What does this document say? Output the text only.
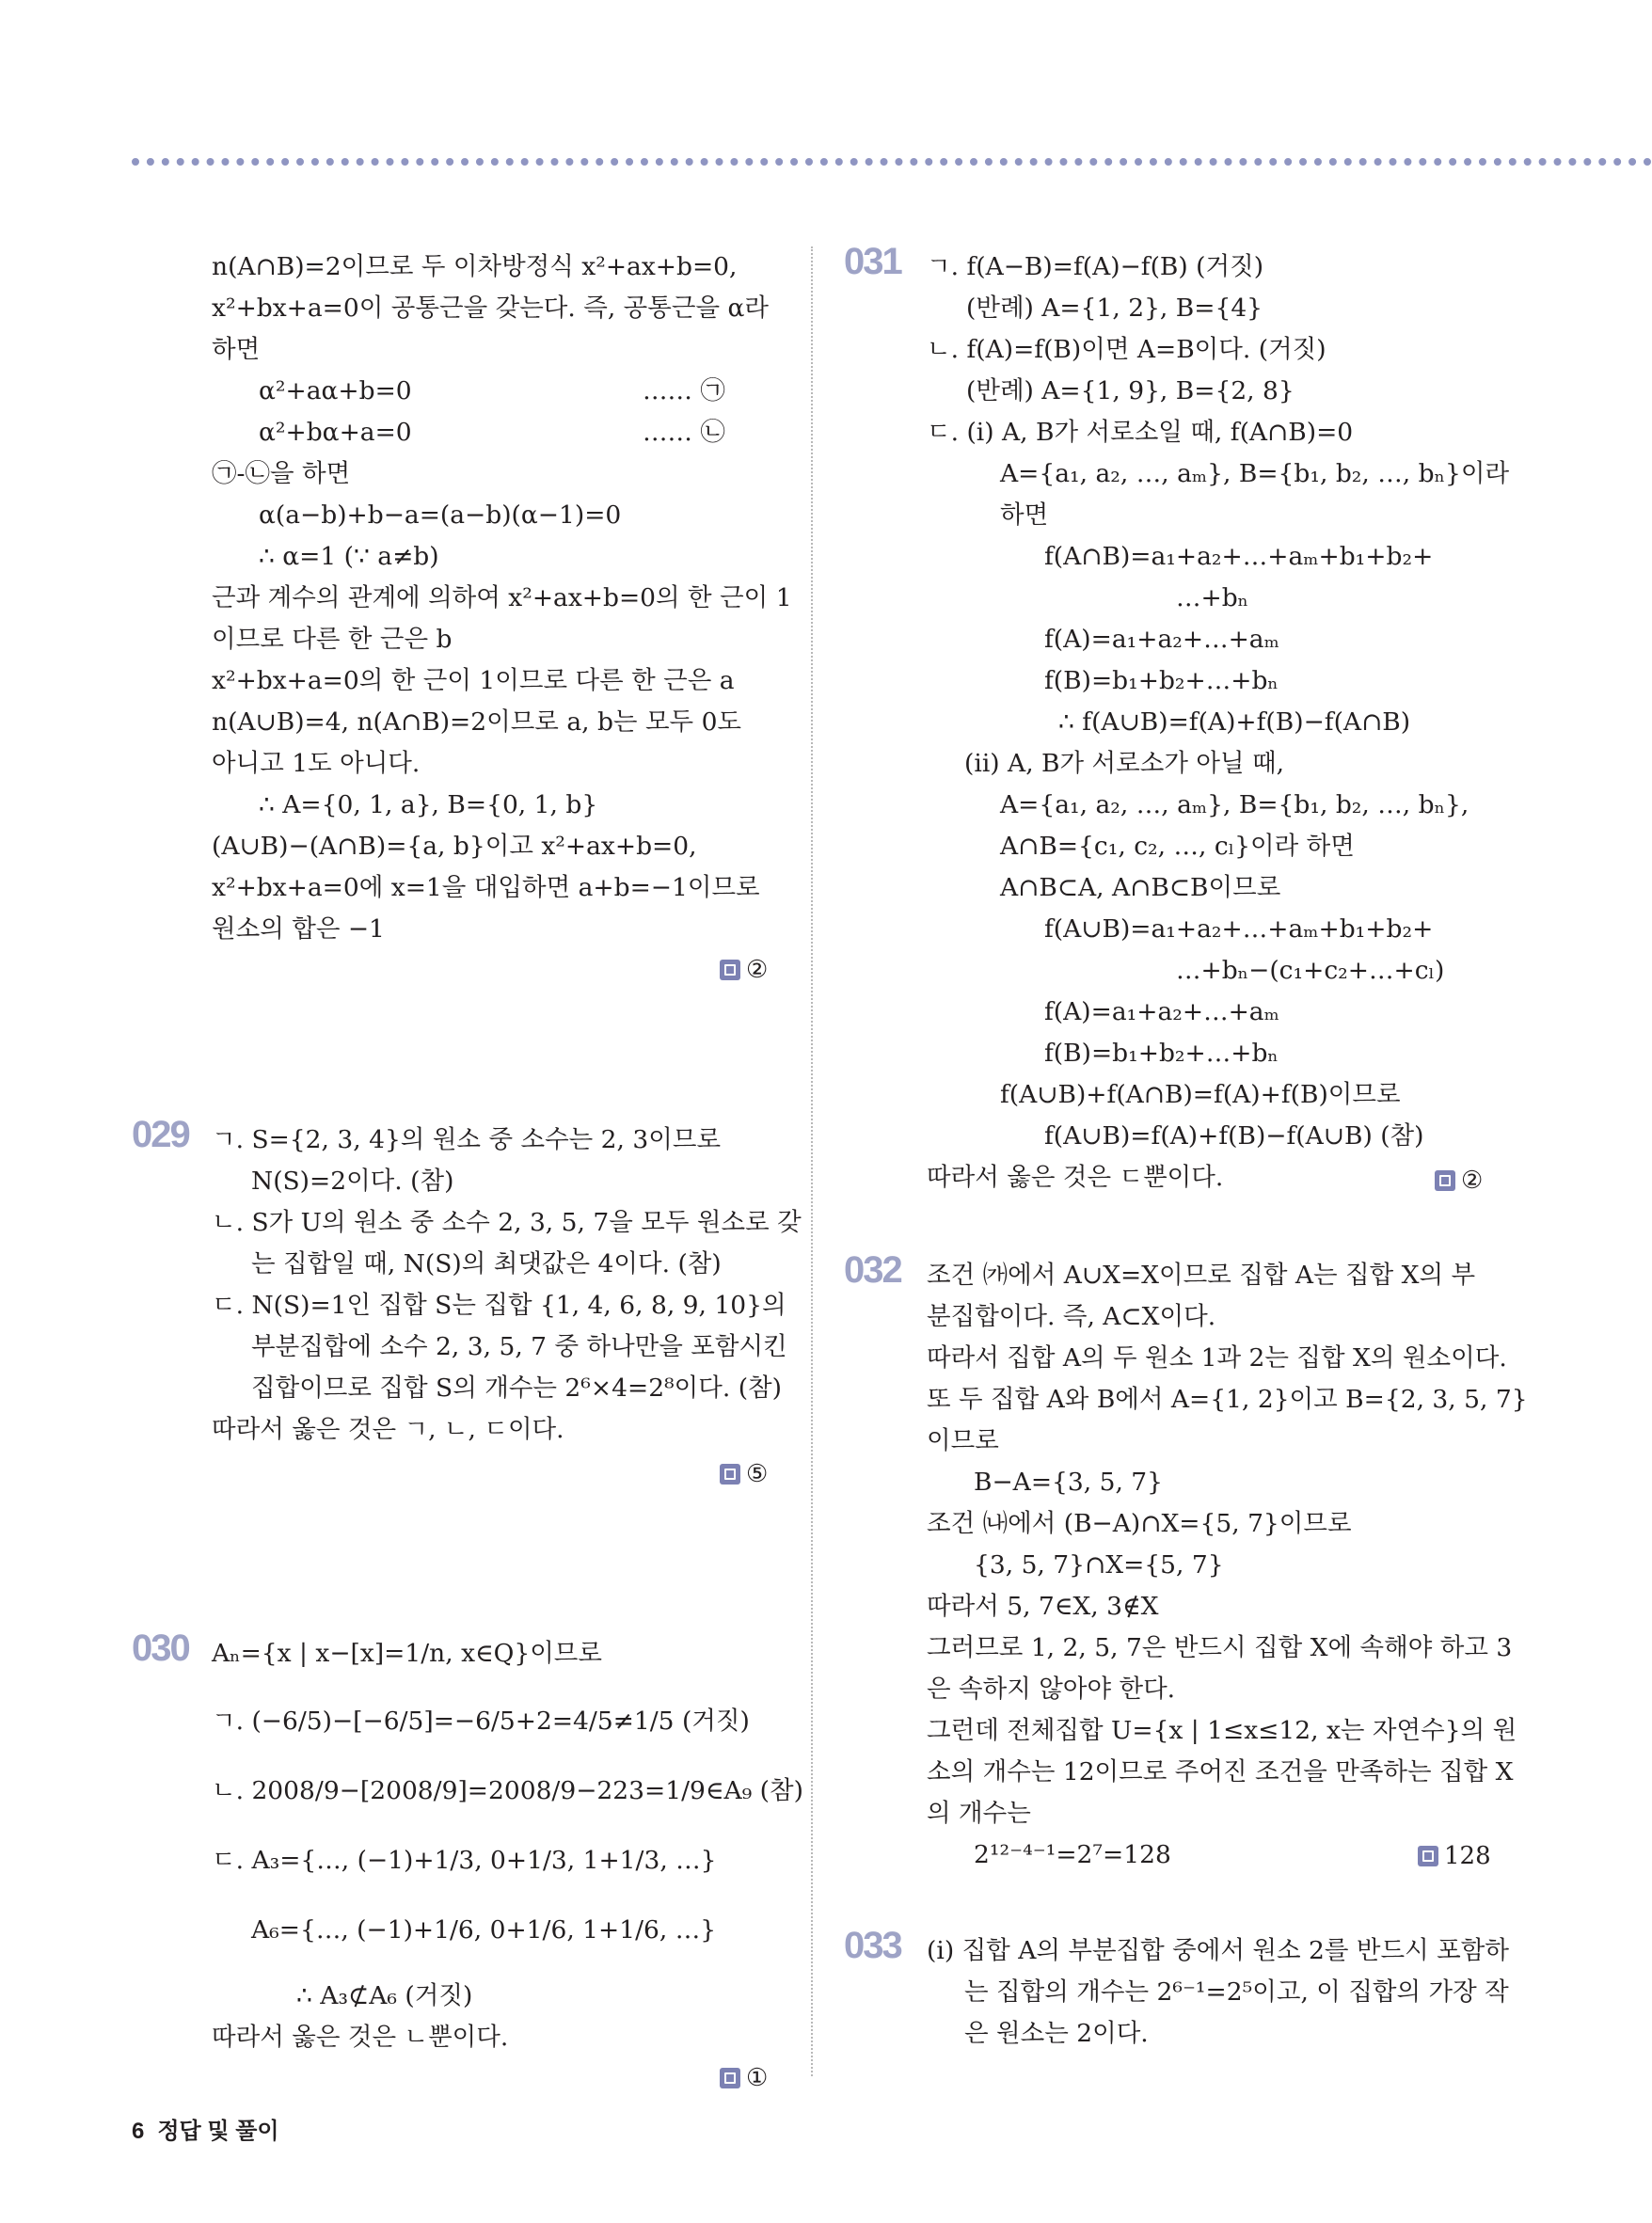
n(A∩B)=2이므로 두 이차방정식 x²+ax+b=0,
x²+bx+a=0이 공통근을 갖는다. 즉, 공통근을 α라
하면
α²+aα+b=0	…… ㉠
α²+bα+a=0	…… ㉡
㉠-㉡을 하면
α(a−b)+b−a=(a−b)(α−1)=0
∴ α=1 (∵ a≠b)
근과 계수의 관계에 의하여 x²+ax+b=0의 한 근이 1
이므로 다른 한 근은 b
x²+bx+a=0의 한 근이 1이므로 다른 한 근은 a
n(A∪B)=4, n(A∩B)=2이므로 a, b는 모두 0도
아니고 1도 아니다.
∴ A={0, 1, a}, B={0, 1, b}
(A∪B)−(A∩B)={a, b}이고 x²+ax+b=0,
x²+bx+a=0에 x=1을 대입하면 a+b=−1이므로
원소의 합은 −1
②
029 ㄱ. S={2, 3, 4}의 원소 중 소수는 2, 3이므로
N(S)=2이다. (참)
ㄴ. S가 U의 원소 중 소수 2, 3, 5, 7을 모두 원소로 갖
는 집합일 때, N(S)의 최댓값은 4이다. (참)
ㄷ. N(S)=1인 집합 S는 집합 {1, 4, 6, 8, 9, 10}의
부분집합에 소수 2, 3, 5, 7 중 하나만을 포함시킨
집합이므로 집합 S의 개수는 2⁶×4=2⁸이다. (참)
따라서 옳은 것은 ㄱ, ㄴ, ㄷ이다.
⑤
030 Aₙ={x | x−[x]=1/n, x∈Q}이므로
ㄱ. (−6/5)−[−6/5]=−6/5+2=4/5≠1/5 (거짓)
ㄴ. 2008/9−[2008/9]=2008/9−223=1/9∈A₉ (참)
ㄷ. A₃={…, (−1)+1/3, 0+1/3, 1+1/3, …}
A₆={…, (−1)+1/6, 0+1/6, 1+1/6, …}
∴ A₃⊄A₆ (거짓)
따라서 옳은 것은 ㄴ뿐이다.
①
031 ㄱ. f(A−B)=f(A)−f(B) (거짓)
(반례) A={1, 2}, B={4}
ㄴ. f(A)=f(B)이면 A=B이다. (거짓)
(반례) A={1, 9}, B={2, 8}
ㄷ. (i) A, B가 서로소일 때, f(A∩B)=0
A={a₁, a₂, …, aₘ}, B={b₁, b₂, …, bₙ}이라
하면
f(A∩B)=a₁+a₂+…+aₘ+b₁+b₂+
…+bₙ
f(A)=a₁+a₂+…+aₘ
f(B)=b₁+b₂+…+bₙ
∴ f(A∪B)=f(A)+f(B)−f(A∩B)
(ii) A, B가 서로소가 아닐 때,
A={a₁, a₂, …, aₘ}, B={b₁, b₂, …, bₙ},
A∩B={c₁, c₂, …, cₗ}이라 하면
A∩B⊂A, A∩B⊂B이므로
f(A∪B)=a₁+a₂+…+aₘ+b₁+b₂+
…+bₙ−(c₁+c₂+…+cₗ)
f(A)=a₁+a₂+…+aₘ
f(B)=b₁+b₂+…+bₙ
f(A∪B)+f(A∩B)=f(A)+f(B)이므로
f(A∪B)=f(A)+f(B)−f(A∪B) (참)
따라서 옳은 것은 ㄷ뿐이다.	②
032 조건 ㈎에서 A∪X=X이므로 집합 A는 집합 X의 부
분집합이다. 즉, A⊂X이다.
따라서 집합 A의 두 원소 1과 2는 집합 X의 원소이다.
또 두 집합 A와 B에서 A={1, 2}이고 B={2, 3, 5, 7}
이므로
B−A={3, 5, 7}
조건 ㈏에서 (B−A)∩X={5, 7}이므로
{3, 5, 7}∩X={5, 7}
따라서 5, 7∈X, 3∉X
그러므로 1, 2, 5, 7은 반드시 집합 X에 속해야 하고 3
은 속하지 않아야 한다.
그런데 전체집합 U={x | 1≤x≤12, x는 자연수}의 원
소의 개수는 12이므로 주어진 조건을 만족하는 집합 X
의 개수는
2¹²⁻⁴⁻¹=2⁷=128	128
033 (i) 집합 A의 부분집합 중에서 원소 2를 반드시 포함하
는 집합의 개수는 2⁶⁻¹=2⁵이고, 이 집합의 가장 작
은 원소는 2이다.
6 정답 및 풀이
